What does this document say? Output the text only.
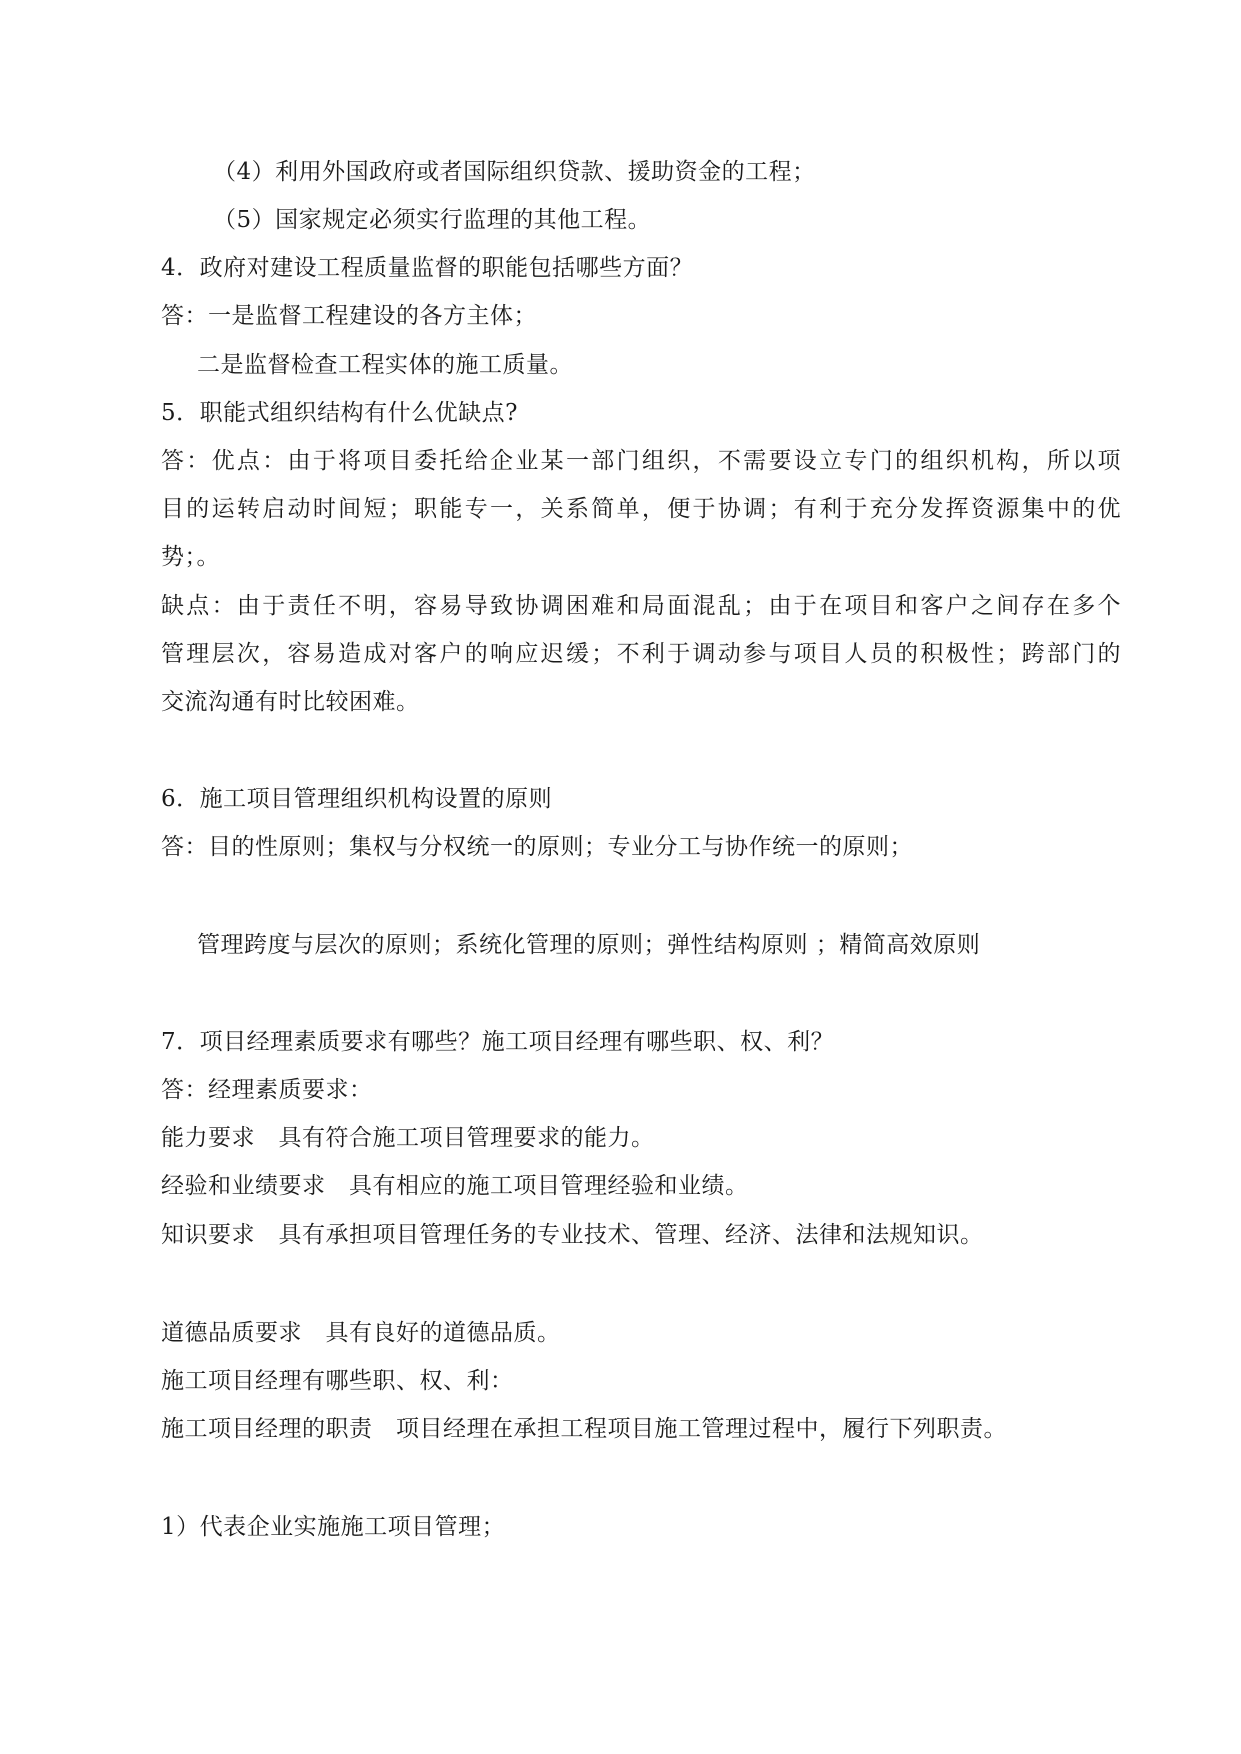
（4）利用外国政府或者国际组织贷款、援助资金的工程；
（5）国家规定必须实行监理的其他工程。
4．政府对建设工程质量监督的职能包括哪些方面？
答：一是监督工程建设的各方主体；
二是监督检查工程实体的施工质量。
5．职能式组织结构有什么优缺点?
答：优点：由于将项目委托给企业某一部门组织，不需要设立专门的组织机构，所以项
目的运转启动时间短；职能专一，关系简单，便于协调；有利于充分发挥资源集中的优
势；。
缺点：由于责任不明，容易导致协调困难和局面混乱；由于在项目和客户之间存在多个
管理层次，容易造成对客户的响应迟缓；不利于调动参与项目人员的积极性；跨部门的
交流沟通有时比较困难。
6．施工项目管理组织机构设置的原则
答：目的性原则；集权与分权统一的原则；专业分工与协作统一的原则；
管理跨度与层次的原则；系统化管理的原则；弹性结构原则 ；精简高效原则
7．项目经理素质要求有哪些？施工项目经理有哪些职、权、利？
答：经理素质要求：
能力要求　具有符合施工项目管理要求的能力。
经验和业绩要求　具有相应的施工项目管理经验和业绩。
知识要求　具有承担项目管理任务的专业技术、管理、经济、法律和法规知识。
道德品质要求　具有良好的道德品质。
施工项目经理有哪些职、权、利：
施工项目经理的职责　项目经理在承担工程项目施工管理过程中，履行下列职责。
1）代表企业实施施工项目管理；
